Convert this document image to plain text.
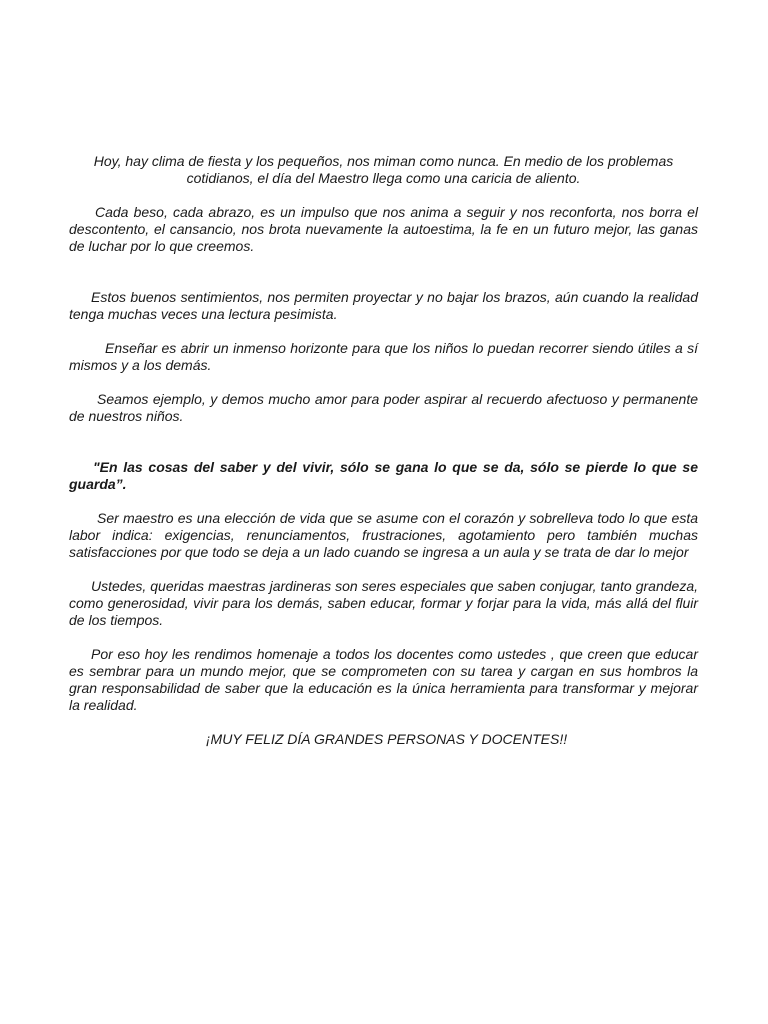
Hoy, hay clima de fiesta y los pequeños, nos miman como nunca. En medio de los problemas cotidianos, el día del Maestro llega como una caricia de aliento.

Cada beso, cada abrazo, es un impulso que nos anima a seguir y nos reconforta, nos borra el descontento, el cansancio, nos brota nuevamente la autoestima, la fe en un futuro mejor, las ganas de luchar por lo que creemos.

Estos buenos sentimientos, nos permiten proyectar y no bajar los brazos, aún cuando la realidad tenga muchas veces una lectura pesimista.

Enseñar es abrir un inmenso horizonte para que los niños lo puedan recorrer siendo útiles a sí mismos y a los demás.

Seamos ejemplo, y demos mucho amor para poder aspirar al recuerdo afectuoso y permanente de nuestros niños.

"En las cosas del saber y del vivir, sólo se gana lo que se da, sólo se pierde lo que se guarda”.

Ser maestro es una elección de vida que se asume con el corazón y sobrelleva todo lo que esta labor indica: exigencias, renunciamentos, frustraciones, agotamiento pero también muchas satisfacciones por que todo se deja a un lado cuando se ingresa a un aula y se trata de dar lo mejor

Ustedes, queridas maestras jardineras son seres especiales que saben conjugar, tanto grandeza, como generosidad, vivir para los demás, saben educar, formar y forjar para la vida, más allá del fluir de los tiempos.

Por eso hoy les rendimos homenaje a todos los docentes como ustedes , que creen que educar es sembrar para un mundo mejor, que se comprometen con su tarea y cargan en sus hombros la gran responsabilidad de saber que la educación es la única herramienta para transformar y mejorar la realidad.

¡MUY FELIZ DÍA GRANDES PERSONAS Y DOCENTES!!
